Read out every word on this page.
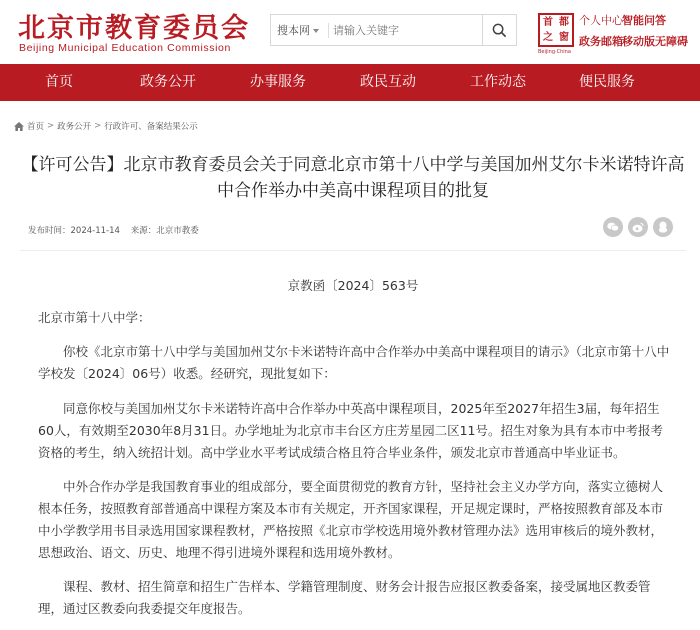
北京市教育委员会
Beijing Municipal Education Commission
搜本网
请输入关键字
首 都
之 窗
Beijing·China
个人中心 智能问答
政务邮箱 移动版 无障碍
首页	政务公开	办事服务	政民互动	工作动态	便民服务
首页 > 政务公开 > 行政许可、备案结果公示
【许可公告】北京市教育委员会关于同意北京市第十八中学与美国加州艾尔卡米诺特许高中合作举办中美高中课程项目的批复
发布时间：2024-11-14 来源：北京市教委
京教函〔2024〕563号
北京市第十八中学：
你校《北京市第十八中学与美国加州艾尔卡米诺特许高中合作举办中美高中课程项目的请示》（北京市第十八中学校发〔2024〕06号）收悉。经研究，现批复如下：
同意你校与美国加州艾尔卡米诺特许高中合作举办中英高中课程项目，2025年至2027年招生3届，每年招生60人，有效期至2030年8月31日。办学地址为北京市丰台区方庄芳星园二区11号。招生对象为具有本市中考报考资格的考生，纳入统招计划。高中学业水平考试成绩合格且符合毕业条件，颁发北京市普通高中毕业证书。
中外合作办学是我国教育事业的组成部分，要全面贯彻党的教育方针，坚持社会主义办学方向，落实立德树人根本任务，按照教育部普通高中课程方案及本市有关规定，开齐国家课程，开足规定课时，严格按照教育部及本市中小学教学用书目录选用国家课程教材，严格按照《北京市学校选用境外教材管理办法》选用审核后的境外教材，思想政治、语文、历史、地理不得引进境外课程和选用境外教材。
课程、教材、招生简章和招生广告样本、学籍管理制度、财务会计报告应报区教委备案，接受属地区教委管理，通过区教委向我委提交年度报告。
